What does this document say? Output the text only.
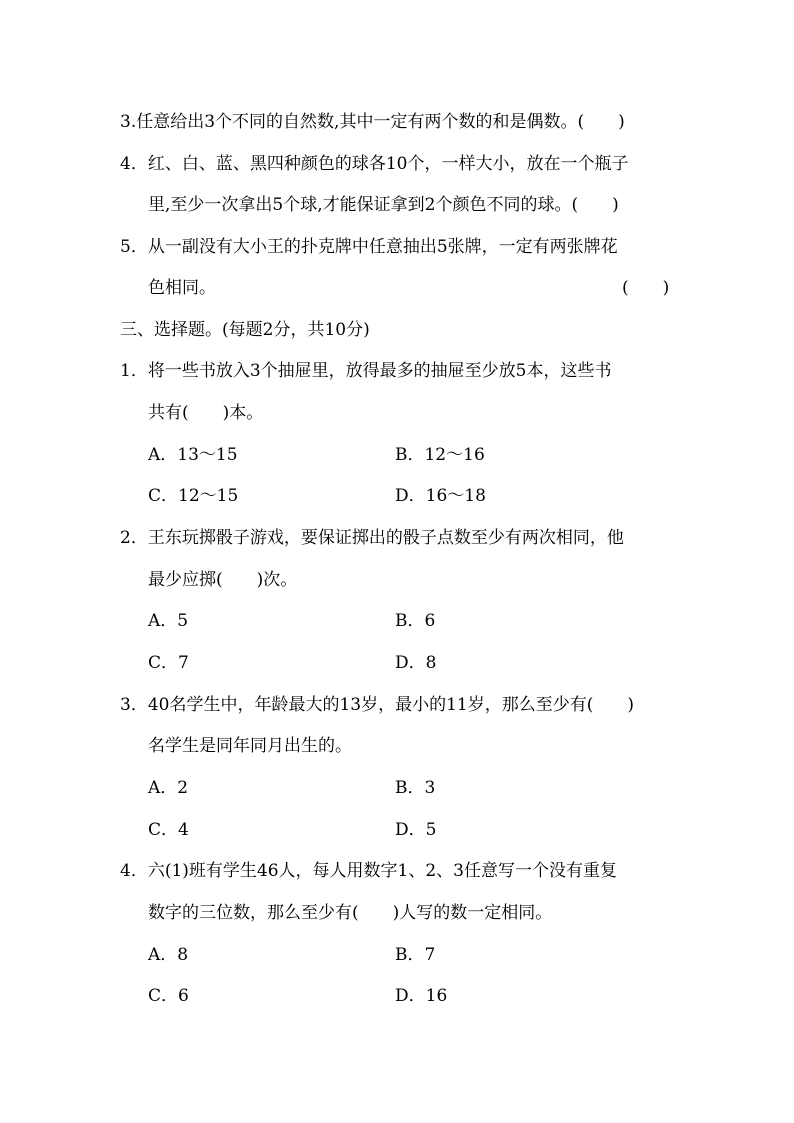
3.任意给出3个不同的自然数,其中一定有两个数的和是偶数。(　　)
4．红、白、蓝、黑四种颜色的球各10个，一样大小，放在一个瓶子
里,至少一次拿出5个球,才能保证拿到2个颜色不同的球。(　　)
5．从一副没有大小王的扑克牌中任意抽出5张牌，一定有两张牌花
色相同。	(　　)
三、选择题。(每题2分，共10分)
1．将一些书放入3个抽屉里，放得最多的抽屉至少放5本，这些书
共有(　　)本。
A．13～15	B．12～16
C．12～15	D．16～18
2．王东玩掷骰子游戏，要保证掷出的骰子点数至少有两次相同，他
最少应掷(　　)次。
A．5	B．6
C．7	D．8
3．40名学生中，年龄最大的13岁，最小的11岁，那么至少有(　　)
名学生是同年同月出生的。
A．2	B．3
C．4	D．5
4．六(1)班有学生46人，每人用数字1、2、3任意写一个没有重复
数字的三位数，那么至少有(　　)人写的数一定相同。
A．8	B．7
C．6	D．16
